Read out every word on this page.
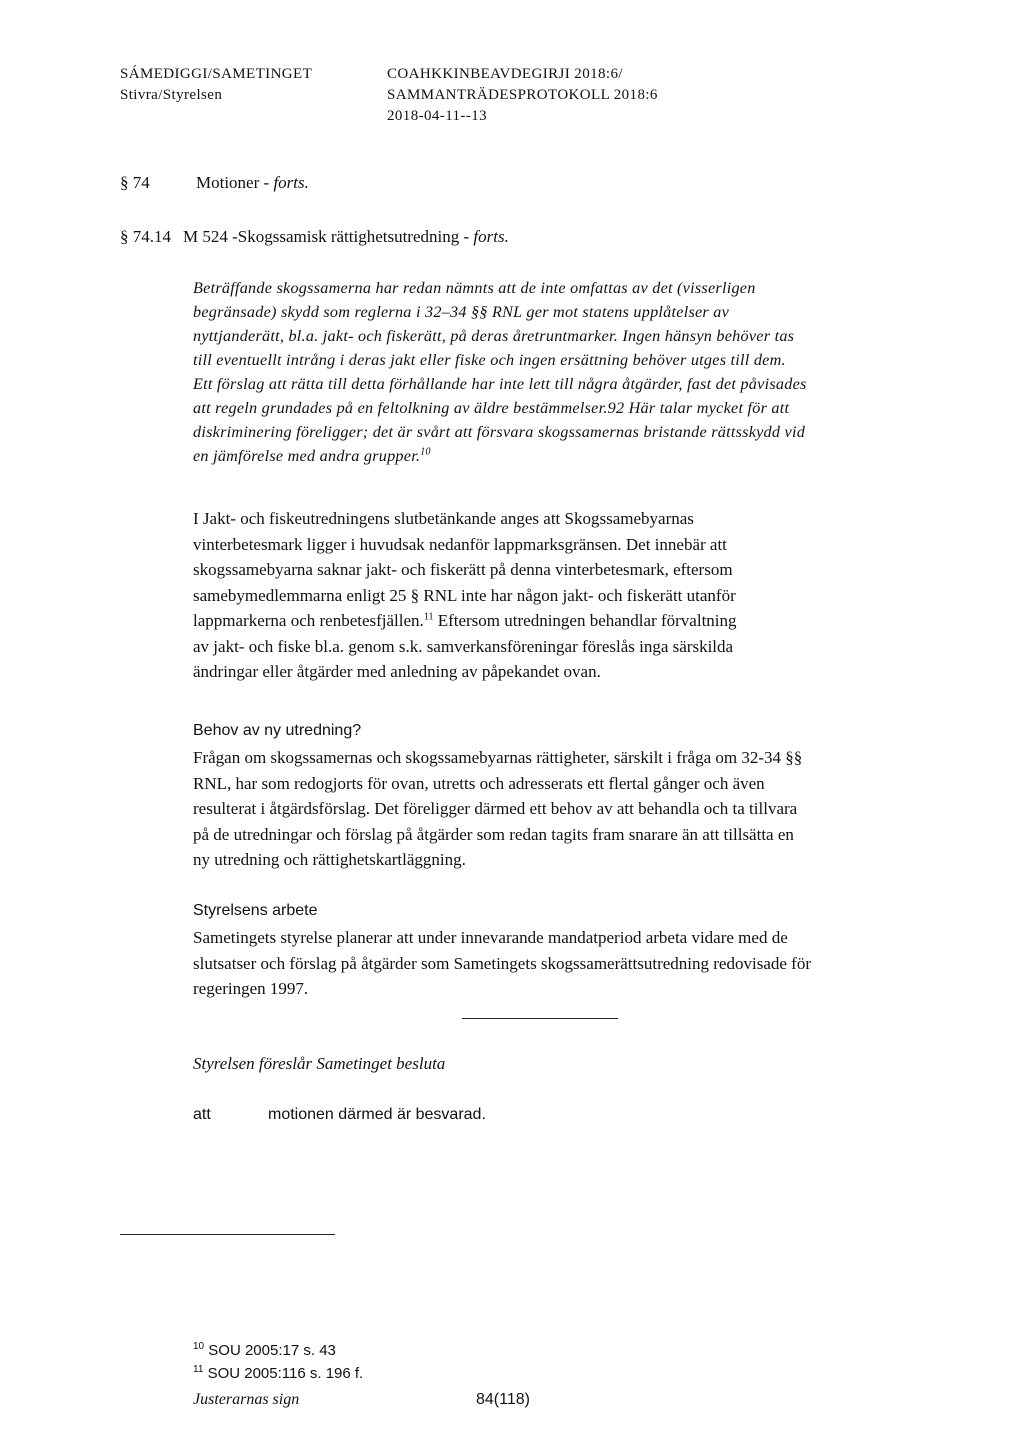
SÁMEDIGGI/SAMETINGET
Stivra/Styrelsen
COAHKKINBEAVDEGIRJI 2018:6/
SAMMANTRÄDESPROTOKOLL 2018:6
2018-04-11--13
§ 74	Motioner - forts.
§ 74.14 M 524 -Skogssamisk rättighetsutredning - forts.
Beträffande skogssamerna har redan nämnts att de inte omfattas av det (visserligen
begränsade) skydd som reglerna i 32–34 §§ RNL ger mot statens upplåtelser av
nyttjanderätt, bl.a. jakt- och fiskerätt, på deras åretruntmarker. Ingen hänsyn behöver tas
till eventuellt intrång i deras jakt eller fiske och ingen ersättning behöver utges till dem.
Ett förslag att rätta till detta förhållande har inte lett till några åtgärder, fast det påvisades
att regeln grundades på en feltolkning av äldre bestämmelser.92 Här talar mycket för att
diskriminering föreligger; det är svårt att försvara skogssamernas bristande rättsskydd vid
en jämförelse med andra grupper.$^{10}$
I Jakt- och fiskeutredningens slutbetänkande anges att Skogssamebyarnas
vinterbetesmark ligger i huvudsak nedanför lappmarksgränsen. Det innebär att
skogssamebyarna saknar jakt- och fiskerätt på denna vinterbetesmark, eftersom
samebymedlemmarna enligt 25 § RNL inte har någon jakt- och fiskerätt utanför
lappmarkerna och renbetesfjällen.$^{11}$ Eftersom utredningen behandlar förvaltning
av jakt- och fiske bl.a. genom s.k. samverkansföreningar föreslås inga särskilda
ändringar eller åtgärder med anledning av påpekandet ovan.
Behov av ny utredning?
Frågan om skogssamernas och skogssamebyarnas rättigheter, särskilt i fråga om 32-34 §§
RNL, har som redogjorts för ovan, utretts och adresserats ett flertal gånger och även
resulterat i åtgärdsförslag. Det föreligger därmed ett behov av att behandla och ta tillvara
på de utredningar och förslag på åtgärder som redan tagits fram snarare än att tillsätta en
ny utredning och rättighetskartläggning.
Styrelsens arbete
Sametingets styrelse planerar att under innevarande mandatperiod arbeta vidare med de
slutsatser och förslag på åtgärder som Sametingets skogssamerättsutredning redovisade för
regeringen 1997.
Styrelsen föreslår Sametinget besluta
att	motionen därmed är besvarad.
$^{10}$ SOU 2005:17 s. 43
$^{11}$ SOU 2005:116 s. 196 f.
Justerarnas sign	84(118)
